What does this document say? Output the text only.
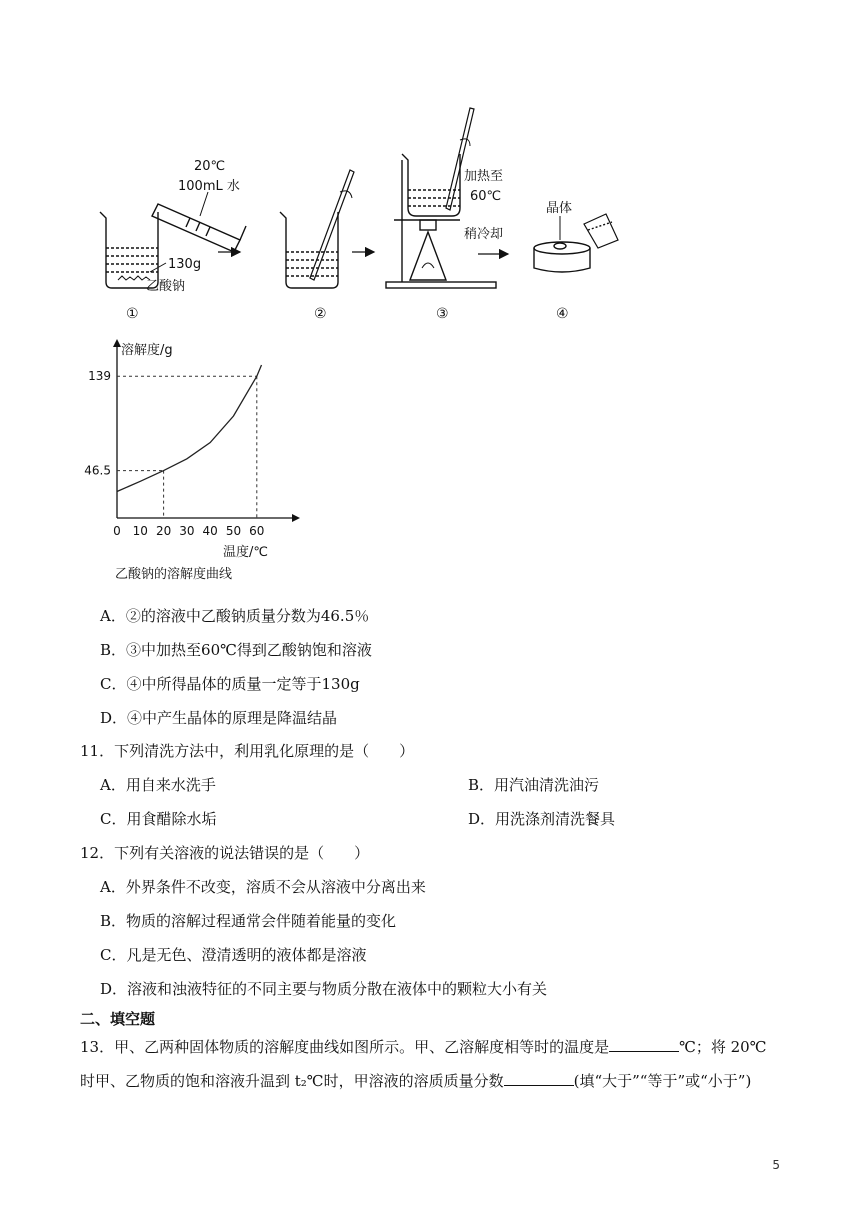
20℃
100mL 水
130g
乙酸钠
①	②
加热至
60℃
稍冷却
③
晶体
④
0 10 20 30 40 50 60
46.5
139
溶解度/g
温度/℃
乙酸钠的溶解度曲线
A．②的溶液中乙酸钠质量分数为46.5％
B．③中加热至60℃得到乙酸钠饱和溶液
C．④中所得晶体的质量一定等于130g
D．④中产生晶体的原理是降温结晶
11．下列清洗方法中，利用乳化原理的是（　　）
A．用自来水洗手	B．用汽油清洗油污
C．用食醋除水垢	D．用洗涤剂清洗餐具
12．下列有关溶液的说法错误的是（　　）
A．外界条件不改变，溶质不会从溶液中分离出来
B．物质的溶解过程通常会伴随着能量的变化
C．凡是无色、澄清透明的液体都是溶液
D．溶液和浊液特征的不同主要与物质分散在液体中的颗粒大小有关
二、填空题
13．甲、乙两种固体物质的溶解度曲线如图所示。甲、乙溶解度相等时的温度是	℃；将 20℃
时甲、乙物质的饱和溶液升温到 t₂℃时，甲溶液的溶质质量分数	(填“大于”“等于”或“小于”)
5
